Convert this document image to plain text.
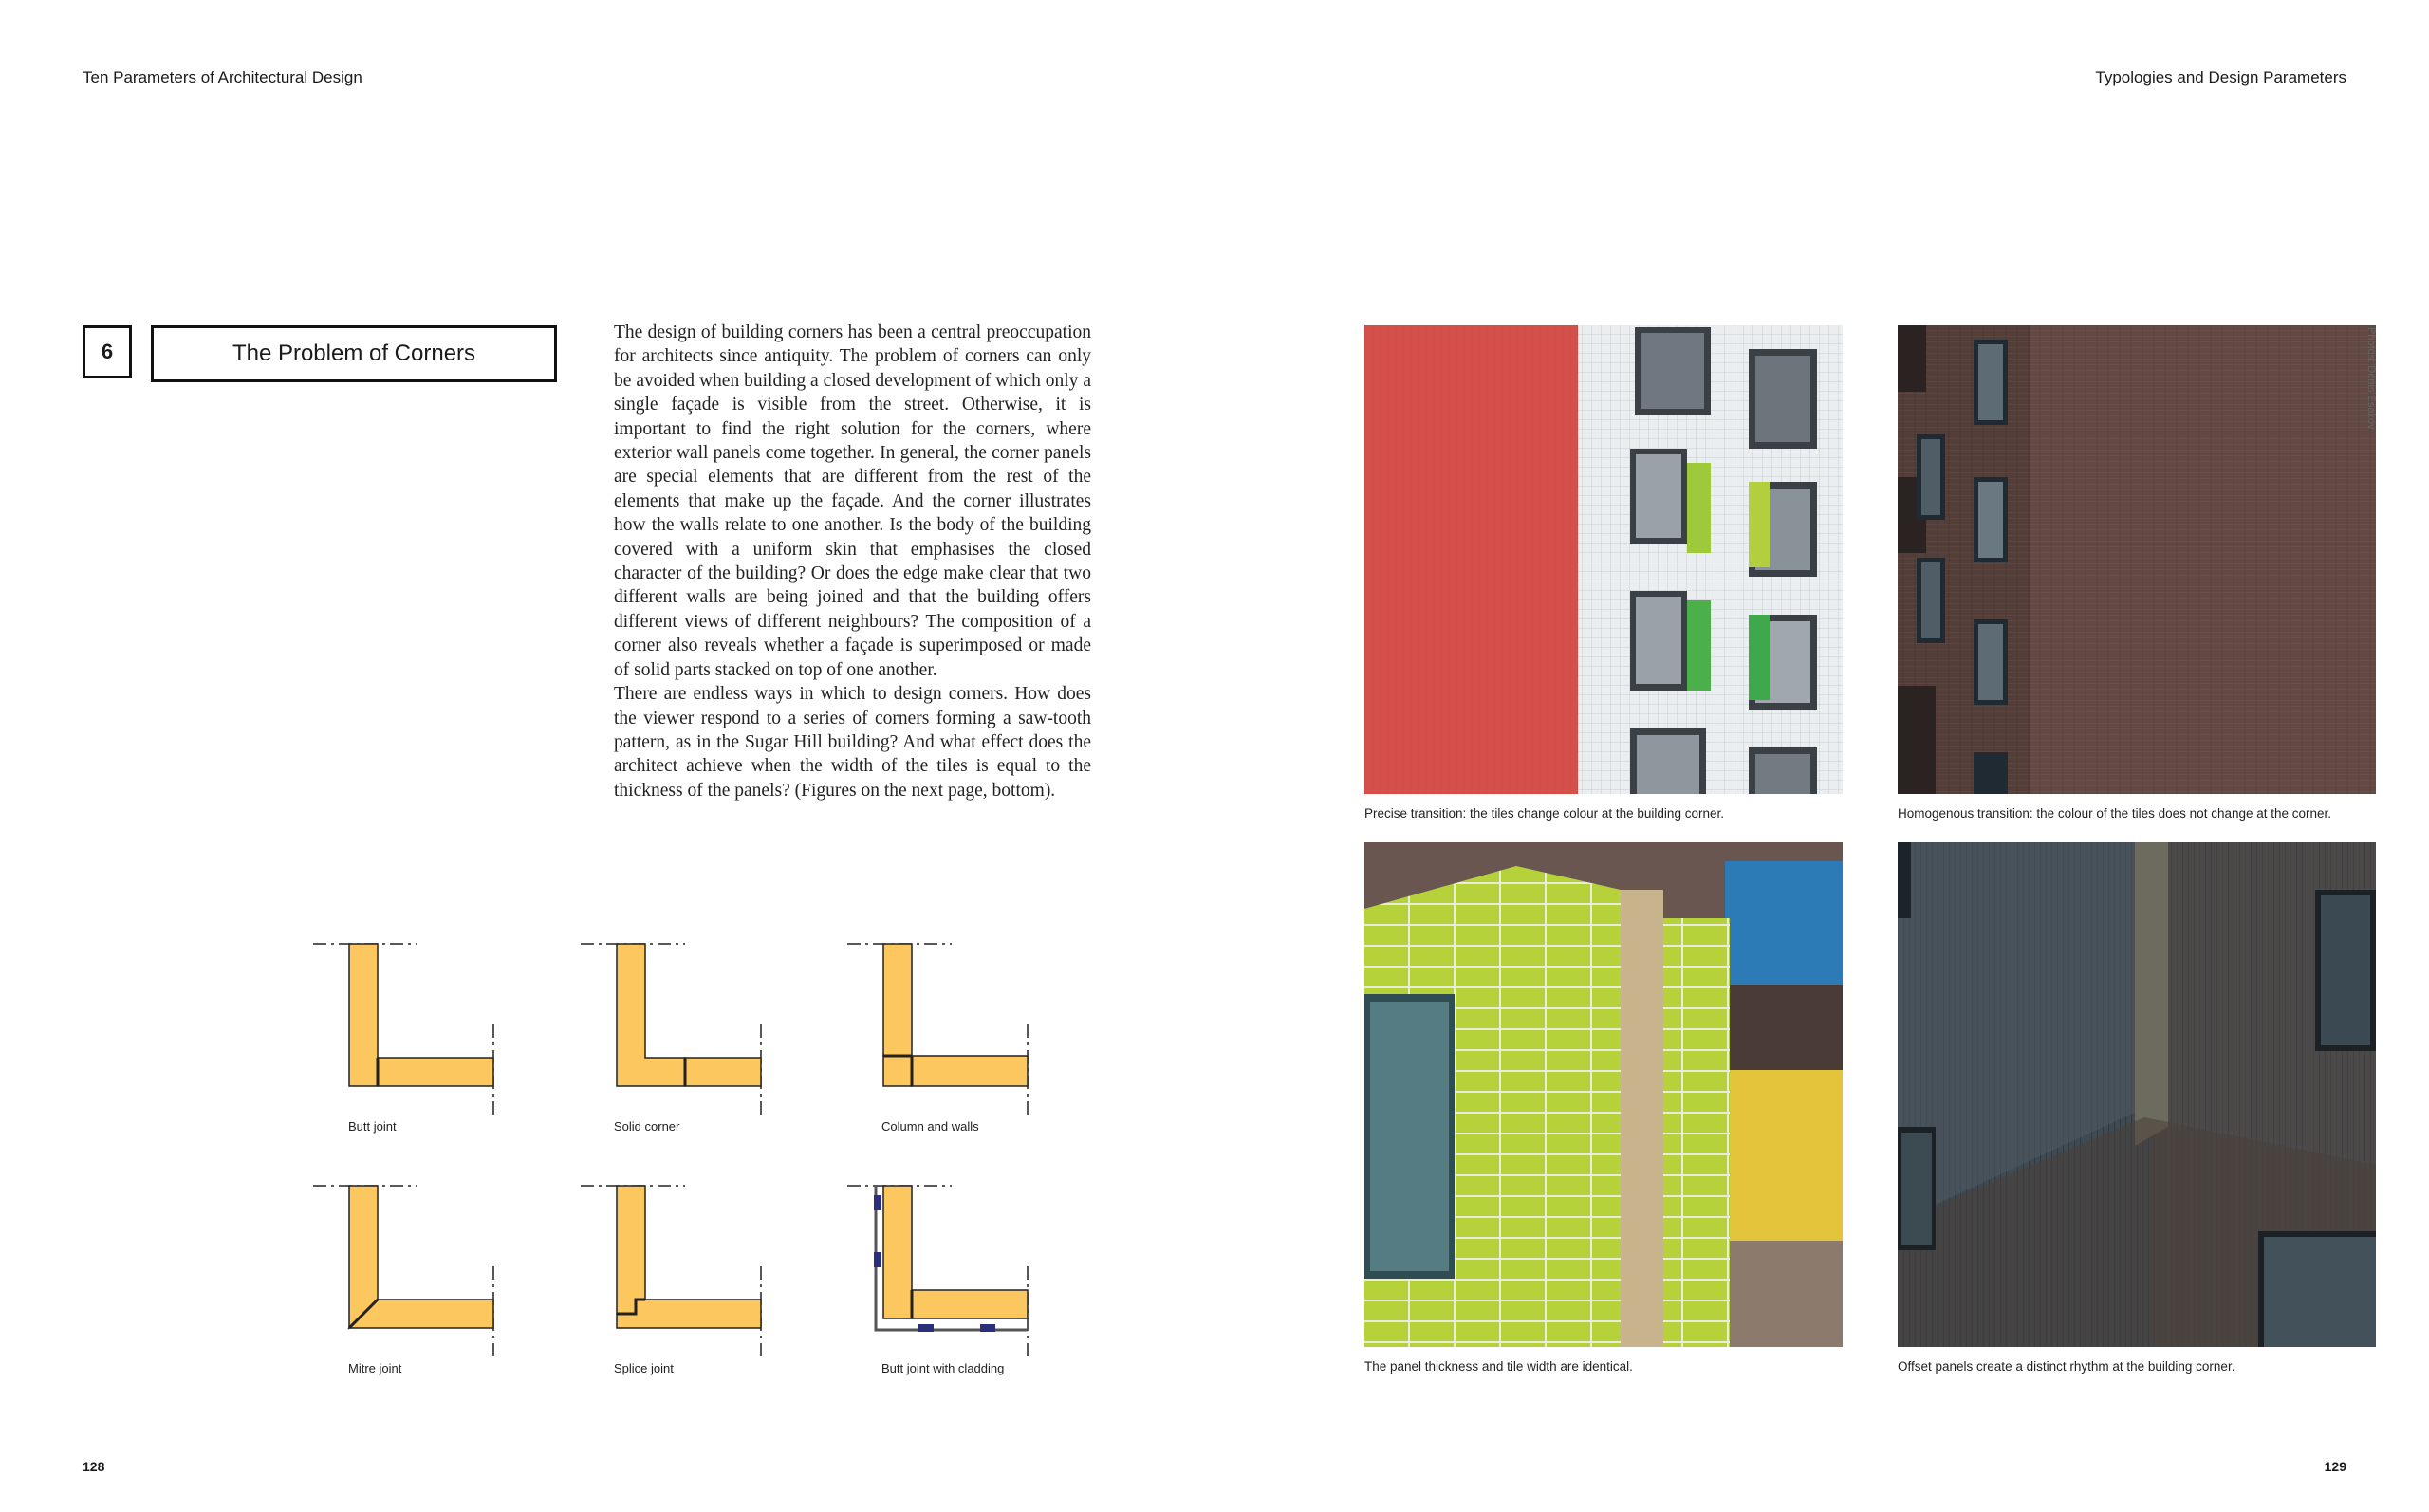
Ten Parameters of Architectural Design	Typologies and Design Parameters
6	The Problem of Corners

The design of building corners has been a central preoccupation for architects since antiquity. The problem of corners can only be avoided when building a closed development of which only a single façade is visible from the street. Otherwise, it is important to find the right solution for the corners, where exterior wall panels come together. In general, the corner panels are special elements that are different from the rest of the elements that make up the façade. And the corner illustrates how the walls relate to one another. Is the body of the building covered with a uniform skin that emphasises the closed character of the building? Or does the edge make clear that two different walls are being joined and that the building offers different views of different neighbours? The composition of a corner also reveals whether a façade is superimposed or made of solid parts stacked on top of one another.

There are endless ways in which to design corners. How does the viewer respond to a series of corners forming a saw-tooth pattern, as in the Sugar Hill building? And what effect does the architect achieve when the width of the tiles is equal to the thickness of the panels? (Figures on the next page, bottom).

Butt joint	Solid corner	Column and walls
Mitre joint	Splice joint	Butt joint with cladding
Precise transition: the tiles change colour at the building corner.	Homogenous transition: the colour of the tiles does not change at the corner.
The panel thickness and tile width are identical.	Offset panels create a distinct rhythm at the building corner.
Photos: Denis Esakov
128	129
